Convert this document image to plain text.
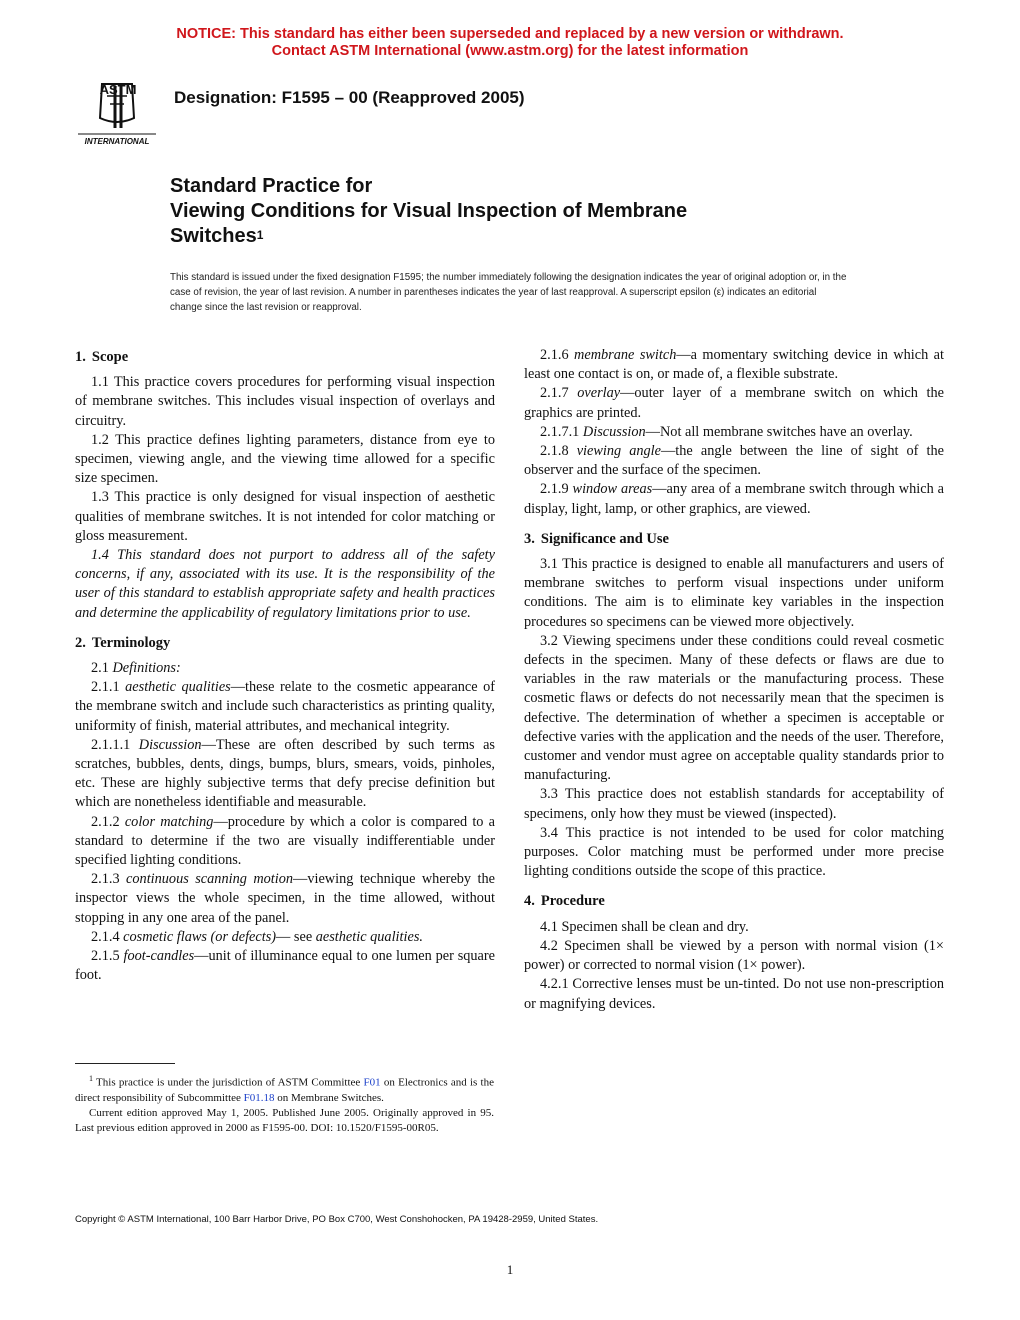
NOTICE: This standard has either been superseded and replaced by a new version or withdrawn.
Contact ASTM International (www.astm.org) for the latest information
ASTM
INTERNATIONAL
Designation: F1595 – 00 (Reapproved 2005)
Standard Practice for
Viewing Conditions for Visual Inspection of Membrane
Switches$^1$
This standard is issued under the fixed designation F1595; the number immediately following the designation indicates the year of original adoption or, in the case of revision, the year of last revision. A number in parentheses indicates the year of last reapproval. A superscript epsilon (ε) indicates an editorial change since the last revision or reapproval.
1. Scope

1.1 This practice covers procedures for performing visual inspection of membrane switches. This includes visual inspection of overlays and circuitry.

1.2 This practice defines lighting parameters, distance from eye to specimen, viewing angle, and the viewing time allowed for a specific size specimen.

1.3 This practice is only designed for visual inspection of aesthetic qualities of membrane switches. It is not intended for color matching or gloss measurement.

1.4 This standard does not purport to address all of the safety concerns, if any, associated with its use. It is the responsibility of the user of this standard to establish appropriate safety and health practices and determine the applicability of regulatory limitations prior to use.

2. Terminology

2.1 Definitions:

2.1.1 aesthetic qualities—these relate to the cosmetic appearance of the membrane switch and include such characteristics as printing quality, uniformity of finish, material attributes, and mechanical integrity.

2.1.1.1 Discussion—These are often described by such terms as scratches, bubbles, dents, dings, bumps, blurs, smears, voids, pinholes, etc. These are highly subjective terms that defy precise definition but which are nonetheless identifiable and measurable.

2.1.2 color matching—procedure by which a color is compared to a standard to determine if the two are visually indifferentiable under specified lighting conditions.

2.1.3 continuous scanning motion—viewing technique whereby the inspector views the whole specimen, in the time allowed, without stopping in any one area of the panel.

2.1.4 cosmetic flaws (or defects)— see aesthetic qualities.

2.1.5 foot-candles—unit of illuminance equal to one lumen per square foot.

2.1.6 membrane switch—a momentary switching device in which at least one contact is on, or made of, a flexible substrate.

2.1.7 overlay—outer layer of a membrane switch on which the graphics are printed.

2.1.7.1 Discussion—Not all membrane switches have an overlay.

2.1.8 viewing angle—the angle between the line of sight of the observer and the surface of the specimen.

2.1.9 window areas—any area of a membrane switch through which a display, light, lamp, or other graphics, are viewed.

3. Significance and Use

3.1 This practice is designed to enable all manufacturers and users of membrane switches to perform visual inspections under uniform conditions. The aim is to eliminate key variables in the inspection procedures so specimens can be viewed more objectively.

3.2 Viewing specimens under these conditions could reveal cosmetic defects in the specimen. Many of these defects or flaws are due to variables in the raw materials or the manufacturing process. These cosmetic flaws or defects do not necessarily mean that the specimen is defective. The determination of whether a specimen is acceptable or defective varies with the application and the needs of the user. Therefore, customer and vendor must agree on acceptable quality standards prior to manufacturing.

3.3 This practice does not establish standards for acceptability of specimens, only how they must be viewed (inspected).

3.4 This practice is not intended to be used for color matching purposes. Color matching must be performed under more precise lighting conditions outside the scope of this practice.

4. Procedure

4.1 Specimen shall be clean and dry.

4.2 Specimen shall be viewed by a person with normal vision (1× power) or corrected to normal vision (1× power).

4.2.1 Corrective lenses must be un-tinted. Do not use non-prescription or magnifying devices.

$^1$ This practice is under the jurisdiction of ASTM Committee F01 on Electronics and is the direct responsibility of Subcommittee F01.18 on Membrane Switches.

Current edition approved May 1, 2005. Published June 2005. Originally approved in 95. Last previous edition approved in 2000 as F1595-00. DOI: 10.1520/F1595-00R05.

Copyright © ASTM International, 100 Barr Harbor Drive, PO Box C700, West Conshohocken, PA 19428-2959, United States.
1
